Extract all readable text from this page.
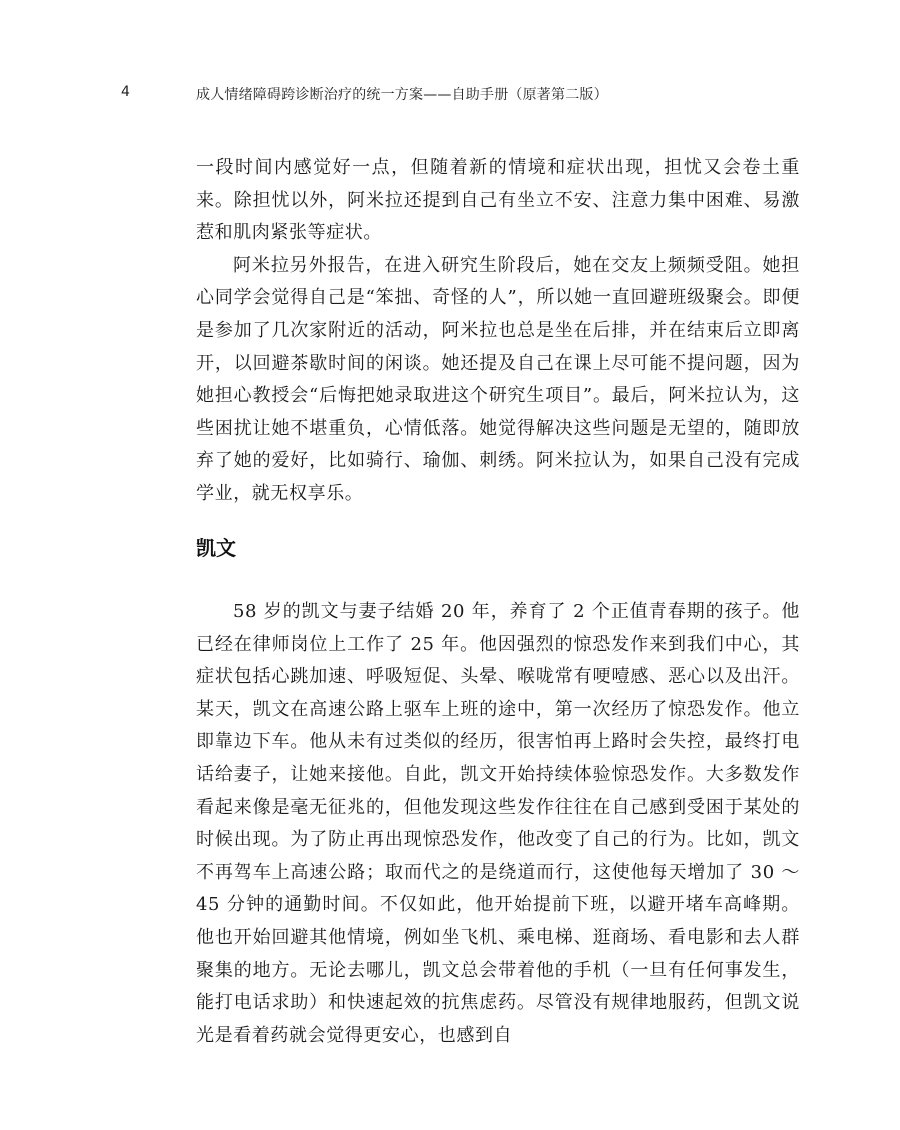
4	成人情绪障碍跨诊断治疗的统一方案——自助手册（原著第二版）

一段时间内感觉好一点，但随着新的情境和症状出现，担忧又会卷土重来。除担忧以外，阿米拉还提到自己有坐立不安、注意力集中困难、易激惹和肌肉紧张等症状。

阿米拉另外报告，在进入研究生阶段后，她在交友上频频受阻。她担心同学会觉得自己是“笨拙、奇怪的人”，所以她一直回避班级聚会。即便是参加了几次家附近的活动，阿米拉也总是坐在后排，并在结束后立即离开，以回避茶歇时间的闲谈。她还提及自己在课上尽可能不提问题，因为她担心教授会“后悔把她录取进这个研究生项目”。最后，阿米拉认为，这些困扰让她不堪重负，心情低落。她觉得解决这些问题是无望的，随即放弃了她的爱好，比如骑行、瑜伽、刺绣。阿米拉认为，如果自己没有完成学业，就无权享乐。

凯文

58 岁的凯文与妻子结婚 20 年，养育了 2 个正值青春期的孩子。他已经在律师岗位上工作了 25 年。他因强烈的惊恐发作来到我们中心，其症状包括心跳加速、呼吸短促、头晕、喉咙常有哽噎感、恶心以及出汗。某天，凯文在高速公路上驱车上班的途中，第一次经历了惊恐发作。他立即靠边下车。他从未有过类似的经历，很害怕再上路时会失控，最终打电话给妻子，让她来接他。自此，凯文开始持续体验惊恐发作。大多数发作看起来像是毫无征兆的，但他发现这些发作往往在自己感到受困于某处的时候出现。为了防止再出现惊恐发作，他改变了自己的行为。比如，凯文不再驾车上高速公路；取而代之的是绕道而行，这使他每天增加了 30 ～ 45 分钟的通勤时间。不仅如此，他开始提前下班，以避开堵车高峰期。他也开始回避其他情境，例如坐飞机、乘电梯、逛商场、看电影和去人群聚集的地方。无论去哪儿，凯文总会带着他的手机（一旦有任何事发生，能打电话求助）和快速起效的抗焦虑药。尽管没有规律地服药，但凯文说光是看着药就会觉得更安心，也感到自
